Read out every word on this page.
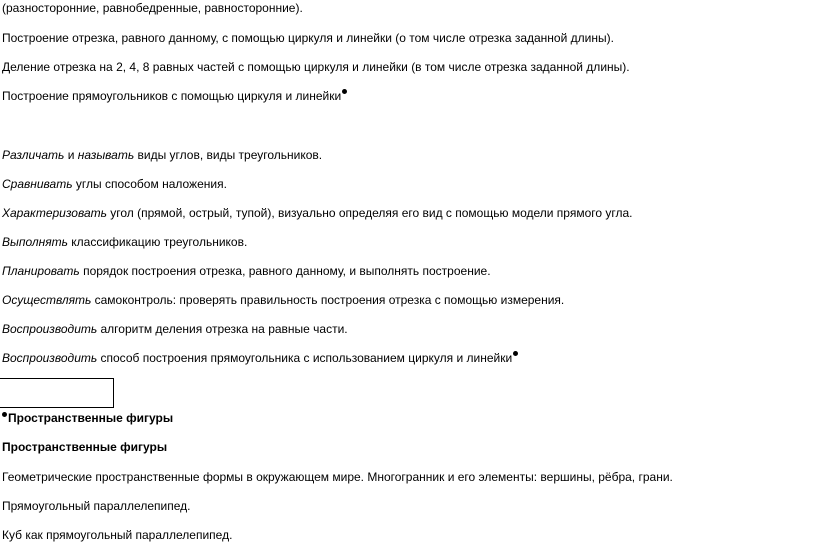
(разносторонние, равнобедренные, равносторонние).
Построение отрезка, равного данному, с помощью циркуля и линейки (о том числе отрезка заданной длины).
Деление отрезка на 2, 4, 8 равных частей с помощью циркуля и линейки (в том числе отрезка заданной длины).
Построение прямоугольников с помощью циркуля и линейки
Различать и называть виды углов, виды треугольников.
Сравнивать углы способом наложения.
Характеризовать угол (прямой, острый, тупой), визуально определяя его вид с помощью модели прямого угла.
Выполнять классификацию треугольников.
Планировать порядок построения отрезка, равного данному, и выполнять построение.
Осуществлять самоконтроль: проверять правильность построения отрезка с помощью измерения.
Воспроизводить алгоритм деления отрезка на равные части.
Воспроизводить способ построения прямоугольника с использованием циркуля и линейки
Пространственные фигуры
Пространственные фигуры
Геометрические пространственные формы в окружающем мире. Многогранник и его элементы: вершины, рёбра, грани.
Прямоугольный параллелепипед.
Куб как прямоугольный параллелепипед.
